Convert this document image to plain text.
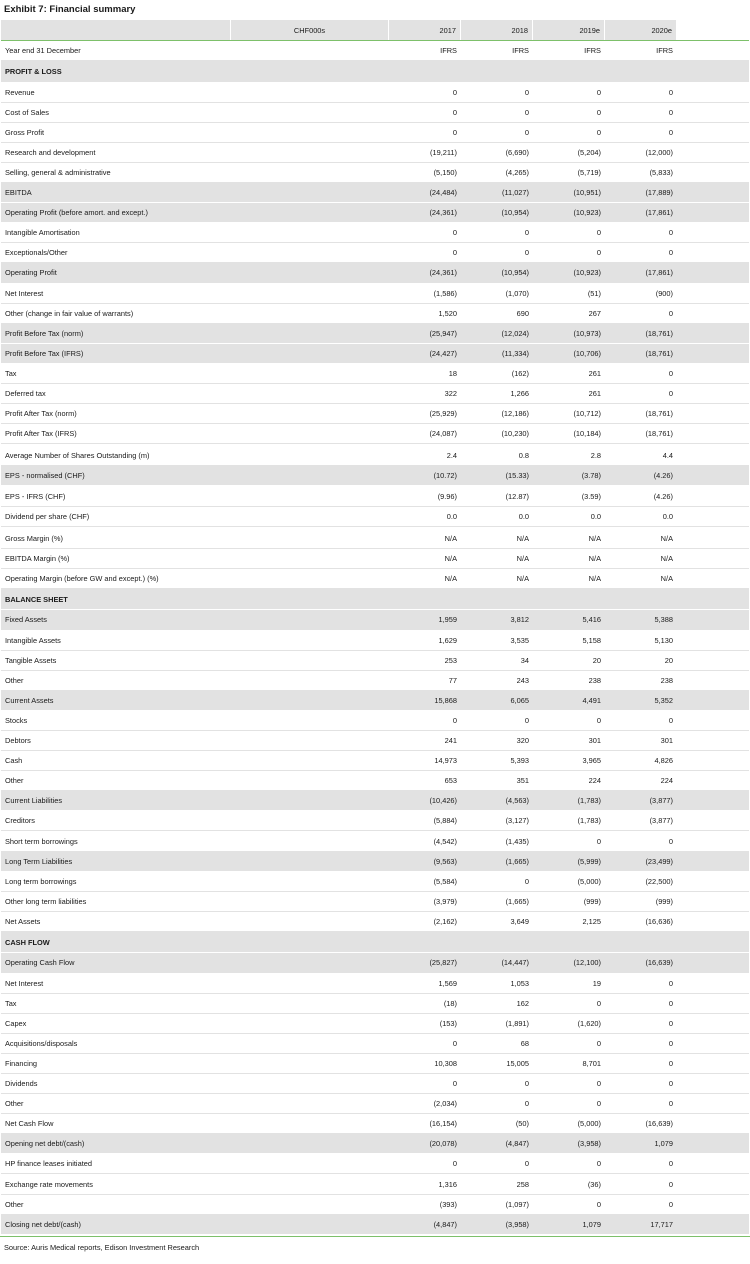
Exhibit 7: Financial summary
CHF000s	2017	2018	2019e	2020e
Year end 31 December	IFRS	IFRS	IFRS	IFRS
PROFIT & LOSS
Revenue	0	0	0	0
Cost of Sales	0	0	0	0
Gross Profit	0	0	0	0
Research and development	(19,211)	(6,690)	(5,204)	(12,000)
Selling, general & administrative	(5,150)	(4,265)	(5,719)	(5,833)
EBITDA	(24,484)	(11,027)	(10,951)	(17,889)
Operating Profit (before amort. and except.)	(24,361)	(10,954)	(10,923)	(17,861)
Intangible Amortisation	0	0	0	0
Exceptionals/Other	0	0	0	0
Operating Profit	(24,361)	(10,954)	(10,923)	(17,861)
Net Interest	(1,586)	(1,070)	(51)	(900)
Other (change in fair value of warrants)	1,520	690	267	0
Profit Before Tax (norm)	(25,947)	(12,024)	(10,973)	(18,761)
Profit Before Tax (IFRS)	(24,427)	(11,334)	(10,706)	(18,761)
Tax	18	(162)	261	0
Deferred tax	322	1,266	261	0
Profit After Tax (norm)	(25,929)	(12,186)	(10,712)	(18,761)
Profit After Tax (IFRS)	(24,087)	(10,230)	(10,184)	(18,761)
Average Number of Shares Outstanding (m)	2.4	0.8	2.8	4.4
EPS - normalised (CHF)	(10.72)	(15.33)	(3.78)	(4.26)
EPS - IFRS (CHF)	(9.96)	(12.87)	(3.59)	(4.26)
Dividend per share (CHF)	0.0	0.0	0.0	0.0
Gross Margin (%)	N/A	N/A	N/A	N/A
EBITDA Margin (%)	N/A	N/A	N/A	N/A
Operating Margin (before GW and except.) (%)	N/A	N/A	N/A	N/A
BALANCE SHEET
Fixed Assets	1,959	3,812	5,416	5,388
Intangible Assets	1,629	3,535	5,158	5,130
Tangible Assets	253	34	20	20
Other	77	243	238	238
Current Assets	15,868	6,065	4,491	5,352
Stocks	0	0	0	0
Debtors	241	320	301	301
Cash	14,973	5,393	3,965	4,826
Other	653	351	224	224
Current Liabilities	(10,426)	(4,563)	(1,783)	(3,877)
Creditors	(5,884)	(3,127)	(1,783)	(3,877)
Short term borrowings	(4,542)	(1,435)	0	0
Long Term Liabilities	(9,563)	(1,665)	(5,999)	(23,499)
Long term borrowings	(5,584)	0	(5,000)	(22,500)
Other long term liabilities	(3,979)	(1,665)	(999)	(999)
Net Assets	(2,162)	3,649	2,125	(16,636)
CASH FLOW
Operating Cash Flow	(25,827)	(14,447)	(12,100)	(16,639)
Net Interest	1,569	1,053	19	0
Tax	(18)	162	0	0
Capex	(153)	(1,891)	(1,620)	0
Acquisitions/disposals	0	68	0	0
Financing	10,308	15,005	8,701	0
Dividends	0	0	0	0
Other	(2,034)	0	0	0
Net Cash Flow	(16,154)	(50)	(5,000)	(16,639)
Opening net debt/(cash)	(20,078)	(4,847)	(3,958)	1,079
HP finance leases initiated	0	0	0	0
Exchange rate movements	1,316	258	(36)	0
Other	(393)	(1,097)	0	0
Closing net debt/(cash)	(4,847)	(3,958)	1,079	17,717
Source: Auris Medical reports, Edison Investment Research
